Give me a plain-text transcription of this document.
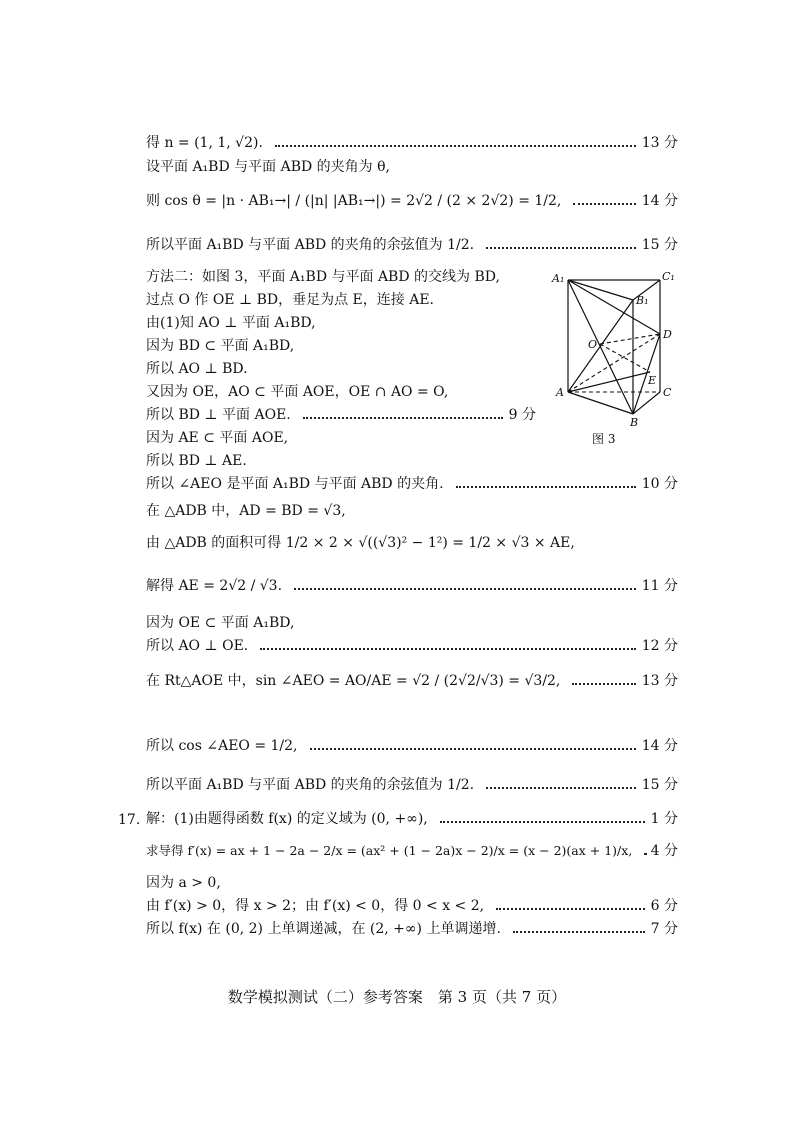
得 n = (1, 1, √2).	13 分
设平面 A₁BD 与平面 ABD 的夹角为 θ,
则 cos θ = |n · AB₁→| / (|n| |AB₁→|) = 2√2 / (2 × 2√2) = 1/2,	14 分
所以平面 A₁BD 与平面 ABD 的夹角的余弦值为 1/2.	15 分
方法二：如图 3，平面 A₁BD 与平面 ABD 的交线为 BD,
过点 O 作 OE ⊥ BD，垂足为点 E，连接 AE.
由(1)知 AO ⊥ 平面 A₁BD,
因为 BD ⊂ 平面 A₁BD,
所以 AO ⊥ BD.
又因为 OE，AO ⊂ 平面 AOE，OE ∩ AO = O,
所以 BD ⊥ 平面 AOE.	9 分
因为 AE ⊂ 平面 AOE,
所以 BD ⊥ AE.
所以 ∠AEO 是平面 A₁BD 与平面 ABD 的夹角.	10 分
在 △ADB 中，AD = BD = √3,
由 △ADB 的面积可得 1/2 × 2 × √((√3)² − 1²) = 1/2 × √3 × AE,
解得 AE = 2√2 / √3.	11 分
因为 OE ⊂ 平面 A₁BD,
所以 AO ⊥ OE.	12 分
在 Rt△AOE 中，sin ∠AEO = AO/AE = √2 / (2√2/√3) = √3/2,	13 分
所以 cos ∠AEO = 1/2,	14 分
所以平面 A₁BD 与平面 ABD 的夹角的余弦值为 1/2.	15 分
17. 解：(1)由题得函数 f(x) 的定义域为 (0, +∞),	1 分
求导得 f′(x) = ax + 1 − 2a − 2/x = (ax² + (1 − 2a)x − 2)/x = (x − 2)(ax + 1)/x,	4 分
因为 a > 0,
由 f′(x) > 0，得 x > 2；由 f′(x) < 0，得 0 < x < 2,	6 分
所以 f(x) 在 (0, 2) 上单调递减，在 (2, +∞) 上单调递增.	7 分
A₁	C₁
B₁
D
O
E
A	C
B
图 3
数学模拟测试（二）参考答案　第 3 页（共 7 页）
